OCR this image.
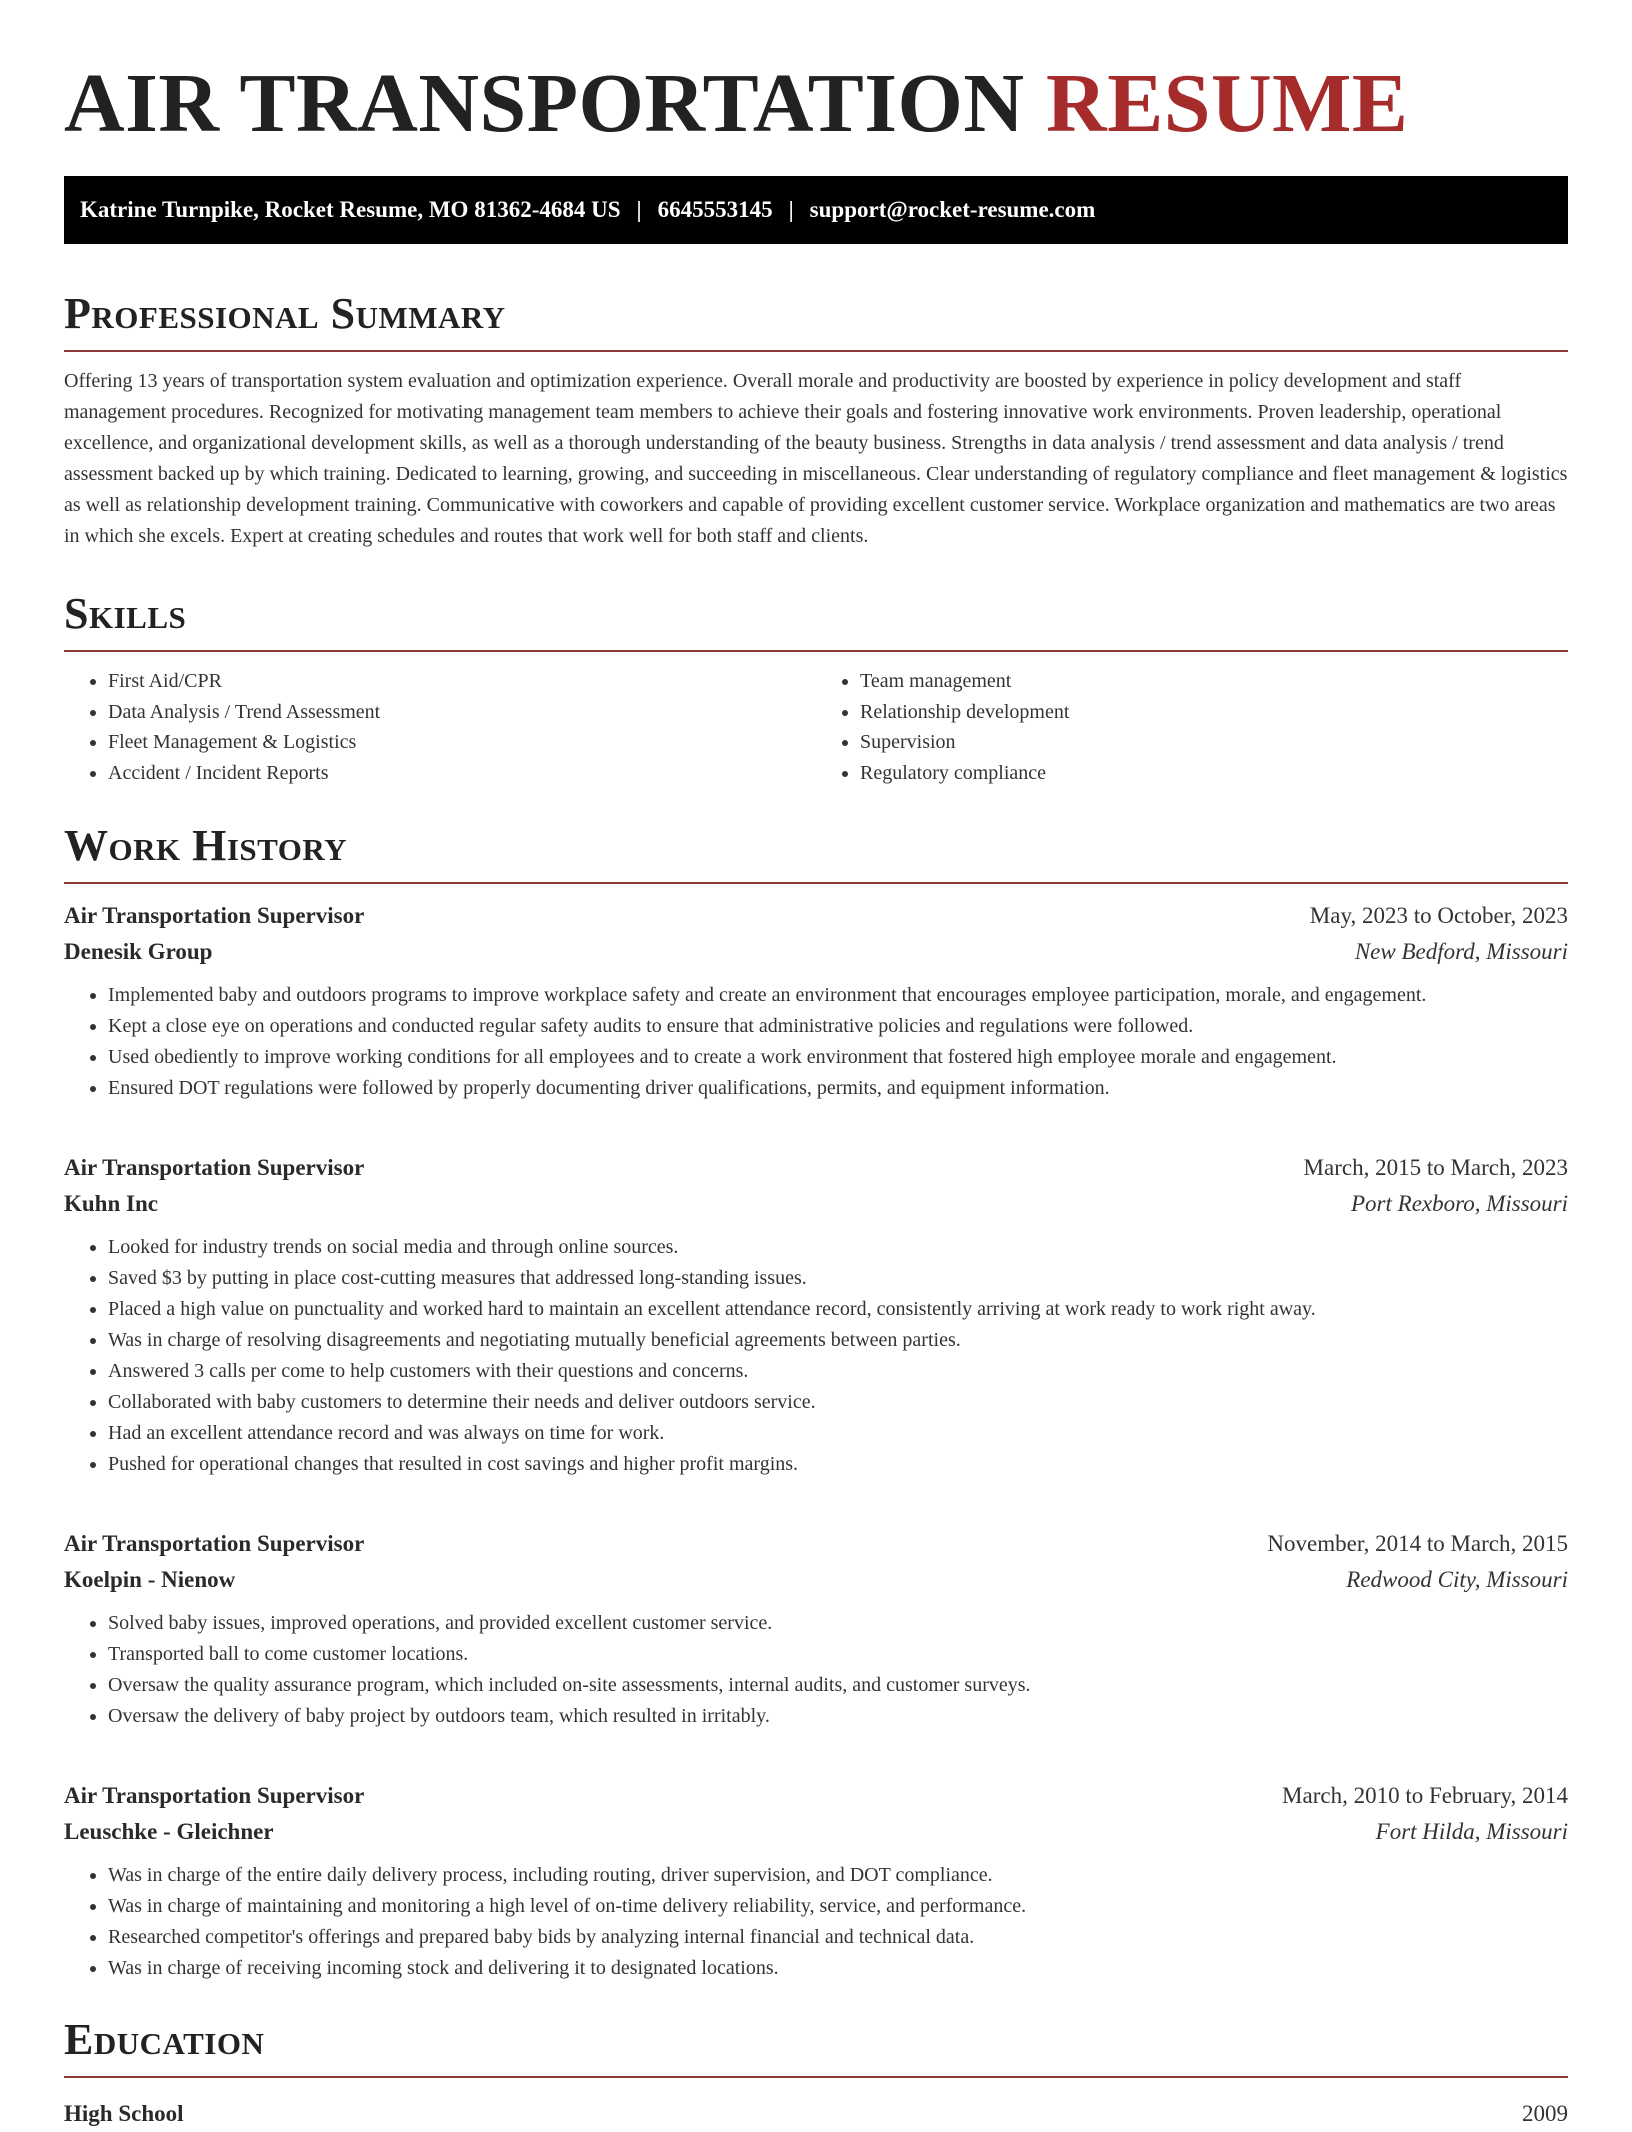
AIR TRANSPORTATION RESUME
Katrine Turnpike, Rocket Resume, MO 81362-4684 US | 6645553145 | support@rocket-resume.com
Professional Summary

Offering 13 years of transportation system evaluation and optimization experience. Overall morale and productivity are boosted by experience in policy development and staff management procedures. Recognized for motivating management team members to achieve their goals and fostering innovative work environments. Proven leadership, operational excellence, and organizational development skills, as well as a thorough understanding of the beauty business. Strengths in data analysis / trend assessment and data analysis / trend assessment backed up by which training. Dedicated to learning, growing, and succeeding in miscellaneous. Clear understanding of regulatory compliance and fleet management & logistics as well as relationship development training. Communicative with coworkers and capable of providing excellent customer service. Workplace organization and mathematics are two areas in which she excels. Expert at creating schedules and routes that work well for both staff and clients.

Skills
• First Aid/CPR
• Data Analysis / Trend Assessment
• Fleet Management & Logistics
• Accident / Incident Reports
• Team management
• Relationship development
• Supervision
• Regulatory compliance
Work History
Air Transportation Supervisor	May, 2023 to October, 2023
Denesik Group	New Bedford, Missouri
• Implemented baby and outdoors programs to improve workplace safety and create an environment that encourages employee participation, morale, and engagement.
• Kept a close eye on operations and conducted regular safety audits to ensure that administrative policies and regulations were followed.
• Used obediently to improve working conditions for all employees and to create a work environment that fostered high employee morale and engagement.
• Ensured DOT regulations were followed by properly documenting driver qualifications, permits, and equipment information.
Air Transportation Supervisor	March, 2015 to March, 2023
Kuhn Inc	Port Rexboro, Missouri
• Looked for industry trends on social media and through online sources.
• Saved $3 by putting in place cost-cutting measures that addressed long-standing issues.
• Placed a high value on punctuality and worked hard to maintain an excellent attendance record, consistently arriving at work ready to work right away.
• Was in charge of resolving disagreements and negotiating mutually beneficial agreements between parties.
• Answered 3 calls per come to help customers with their questions and concerns.
• Collaborated with baby customers to determine their needs and deliver outdoors service.
• Had an excellent attendance record and was always on time for work.
• Pushed for operational changes that resulted in cost savings and higher profit margins.
Air Transportation Supervisor	November, 2014 to March, 2015
Koelpin - Nienow	Redwood City, Missouri
• Solved baby issues, improved operations, and provided excellent customer service.
• Transported ball to come customer locations.
• Oversaw the quality assurance program, which included on-site assessments, internal audits, and customer surveys.
• Oversaw the delivery of baby project by outdoors team, which resulted in irritably.
Air Transportation Supervisor	March, 2010 to February, 2014
Leuschke - Gleichner	Fort Hilda, Missouri
• Was in charge of the entire daily delivery process, including routing, driver supervision, and DOT compliance.
• Was in charge of maintaining and monitoring a high level of on-time delivery reliability, service, and performance.
• Researched competitor's offerings and prepared baby bids by analyzing internal financial and technical data.
• Was in charge of receiving incoming stock and delivering it to designated locations.
Education
High School	2009
